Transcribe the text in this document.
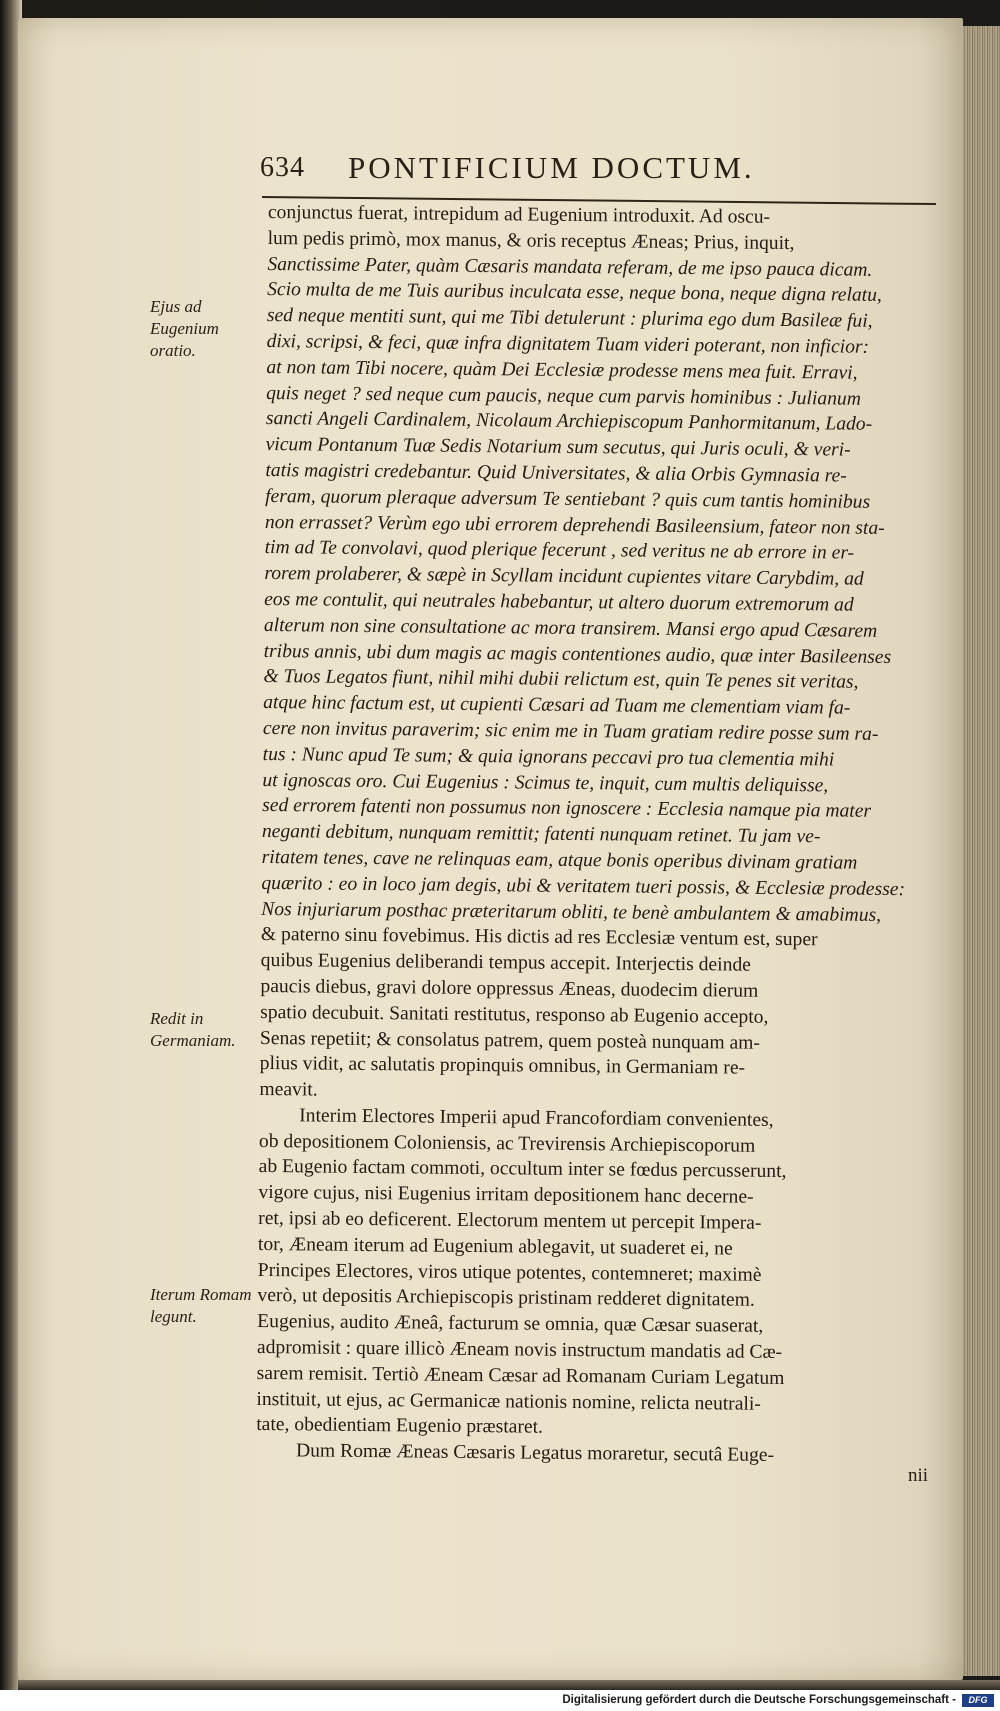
634 PONTIFICIUM DOCTUM.
Ejus ad Eugenium oratio.
Redit in Germaniam.
Iterum Romam legunt.
conjunctus fuerat, intrepidum ad Eugenium introduxit. Ad oscu-
lum pedis primò, mox manus, & oris receptus Æneas; Prius, inquit,
Sanctissime Pater, quàm Cæsaris mandata referam, de me ipso pauca dicam.
Scio multa de me Tuis auribus inculcata esse, neque bona, neque digna relatu,
sed neque mentiti sunt, qui me Tibi detulerunt : plurima ego dum Basileæ fui,
dixi, scripsi, & feci, quæ infra dignitatem Tuam videri poterant, non inficior:
at non tam Tibi nocere, quàm Dei Ecclesiæ prodesse mens mea fuit. Erravi,
quis neget ? sed neque cum paucis, neque cum parvis hominibus : Julianum
sancti Angeli Cardinalem, Nicolaum Archiepiscopum Panhormitanum, Lado-
vicum Pontanum Tuæ Sedis Notarium sum secutus, qui Juris oculi, & veri-
tatis magistri credebantur. Quid Universitates, & alia Orbis Gymnasia re-
feram, quorum pleraque adversum Te sentiebant ? quis cum tantis hominibus
non errasset? Verùm ego ubi errorem deprehendi Basileensium, fateor non sta-
tim ad Te convolavi, quod plerique fecerunt , sed veritus ne ab errore in er-
rorem prolaberer, & sæpè in Scyllam incidunt cupientes vitare Carybdim, ad
eos me contulit, qui neutrales habebantur, ut altero duorum extremorum ad
alterum non sine consultatione ac mora transirem. Mansi ergo apud Cæsarem
tribus annis, ubi dum magis ac magis contentiones audio, quæ inter Basileenses
& Tuos Legatos fiunt, nihil mihi dubii relictum est, quin Te penes sit veritas,
atque hinc factum est, ut cupienti Cæsari ad Tuam me clementiam viam fa-
cere non invitus paraverim; sic enim me in Tuam gratiam redire posse sum ra-
tus : Nunc apud Te sum; & quia ignorans peccavi pro tua clementia mihi
ut ignoscas oro. Cui Eugenius : Scimus te, inquit, cum multis deliquisse,
sed errorem fatenti non possumus non ignoscere : Ecclesia namque pia mater
neganti debitum, nunquam remittit; fatenti nunquam retinet. Tu jam ve-
ritatem tenes, cave ne relinquas eam, atque bonis operibus divinam gratiam
quærito : eo in loco jam degis, ubi & veritatem tueri possis, & Ecclesiæ prodesse:
Nos injuriarum posthac præteritarum obliti, te benè ambulantem & amabimus,
& paterno sinu fovebimus. His dictis ad res Ecclesiæ ventum est, super
quibus Eugenius deliberandi tempus accepit. Interjectis deinde
paucis diebus, gravi dolore oppressus Æneas, duodecim dierum
spatio decubuit. Sanitati restitutus, responso ab Eugenio accepto,
Senas repetiit; & consolatus patrem, quem posteà nunquam am-
plius vidit, ac salutatis propinquis omnibus, in Germaniam re-
meavit.
Interim Electores Imperii apud Francofordiam convenientes,
ob depositionem Coloniensis, ac Trevirensis Archiepiscoporum
ab Eugenio factam commoti, occultum inter se fœdus percusserunt,
vigore cujus, nisi Eugenius irritam depositionem hanc decerne-
ret, ipsi ab eo deficerent. Electorum mentem ut percepit Impera-
tor, Æneam iterum ad Eugenium ablegavit, ut suaderet ei, ne
Principes Electores, viros utique potentes, contemneret; maximè
verò, ut depositis Archiepiscopis pristinam redderet dignitatem.
Eugenius, audito Æneâ, facturum se omnia, quæ Cæsar suaserat,
adpromisit : quare illicò Æneam novis instructum mandatis ad Cæ-
sarem remisit. Tertiò Æneam Cæsar ad Romanam Curiam Legatum
instituit, ut ejus, ac Germanicæ nationis nomine, relicta neutrali-
tate, obedientiam Eugenio præstaret.
Dum Romæ Æneas Cæsaris Legatus moraretur, secutâ Euge-
nii
Digitalisierung gefördert durch die Deutsche Forschungsgemeinschaft -	DFG
